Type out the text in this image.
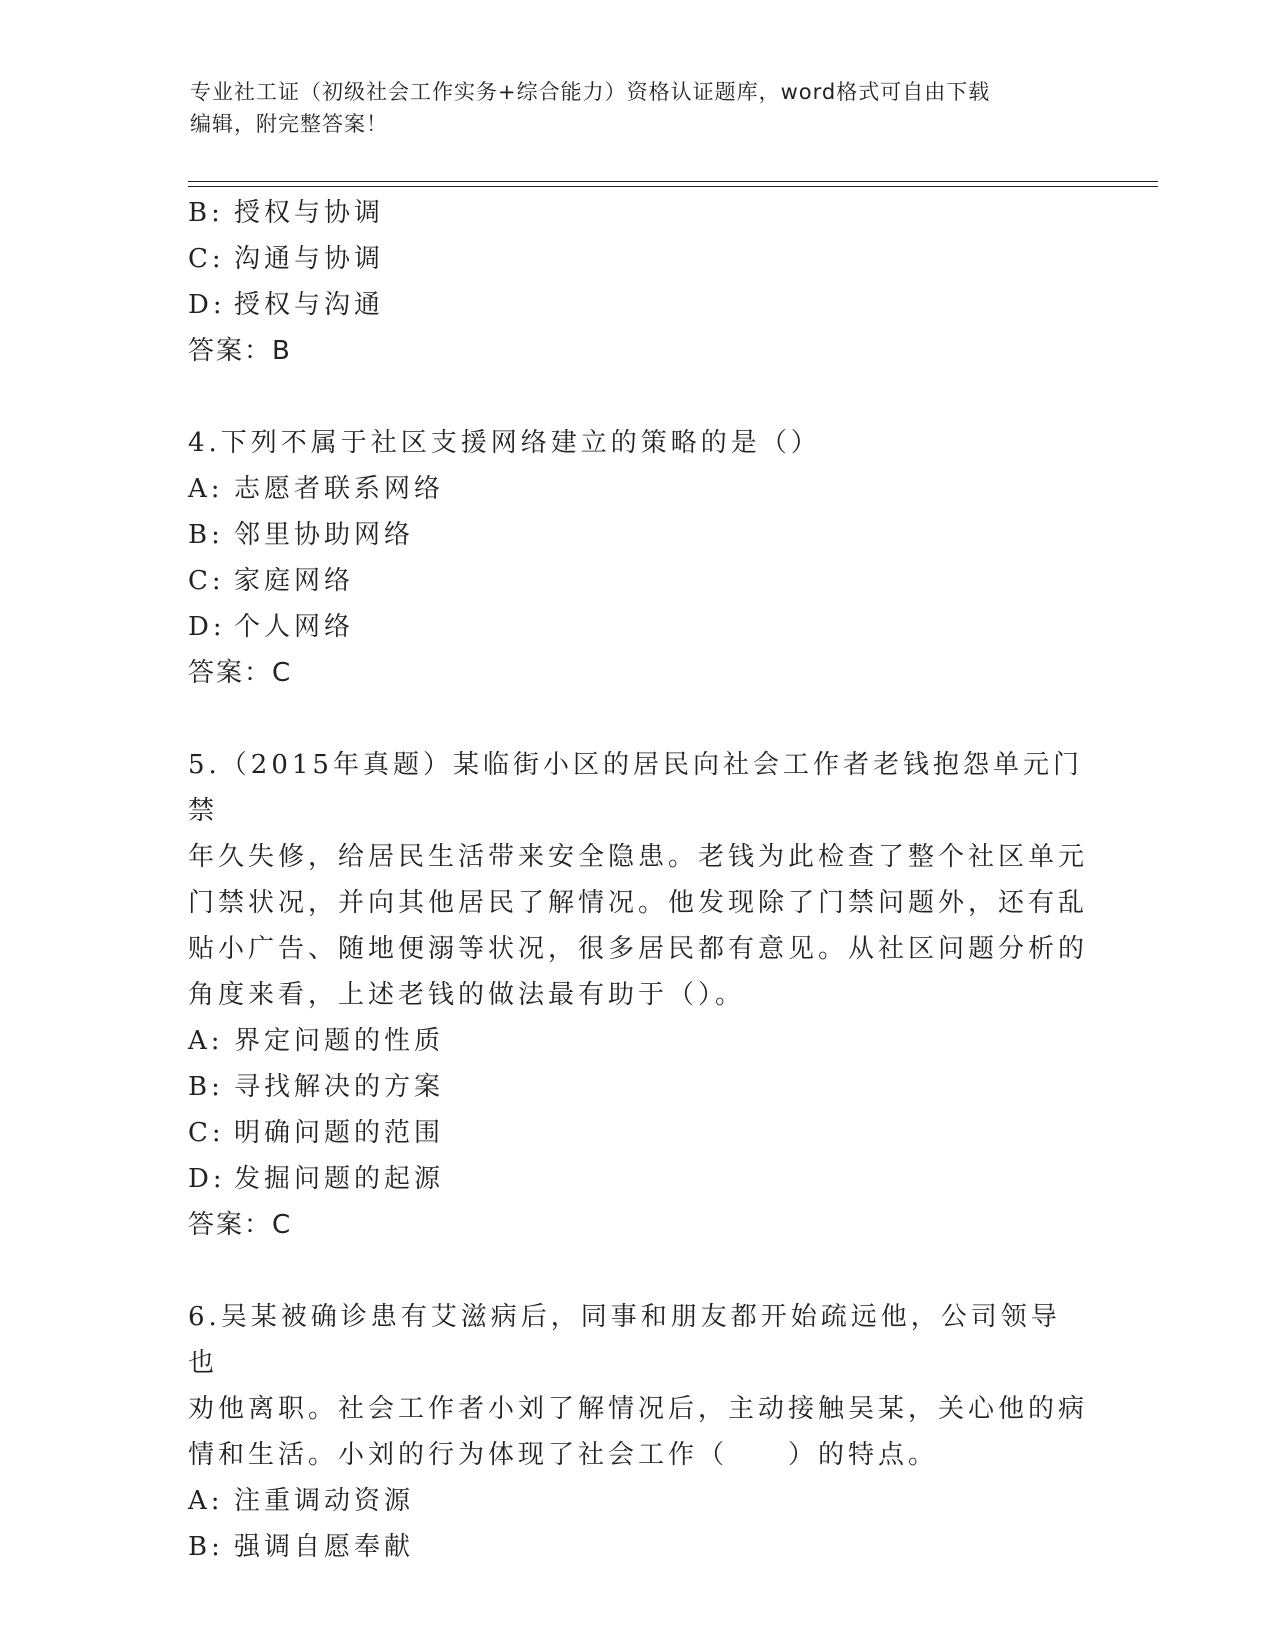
专业社工证（初级社会工作实务+综合能力）资格认证题库，word格式可自由下载
编辑，附完整答案！
B: 授权与协调
C: 沟通与协调
D: 授权与沟通
答案：B
4.下列不属于社区支援网络建立的策略的是（）
A: 志愿者联系网络
B: 邻里协助网络
C: 家庭网络
D: 个人网络
答案：C
5.（2015年真题）某临街小区的居民向社会工作者老钱抱怨单元门禁
年久失修，给居民生活带来安全隐患。老钱为此检查了整个社区单元
门禁状况，并向其他居民了解情况。他发现除了门禁问题外，还有乱
贴小广告、随地便溺等状况，很多居民都有意见。从社区问题分析的
角度来看，上述老钱的做法最有助于（）。
A: 界定问题的性质
B: 寻找解决的方案
C: 明确问题的范围
D: 发掘问题的起源
答案：C
6.吴某被确诊患有艾滋病后，同事和朋友都开始疏远他，公司领导也
劝他离职。社会工作者小刘了解情况后，主动接触吴某，关心他的病
情和生活。小刘的行为体现了社会工作（　　）的特点。
A: 注重调动资源
B: 强调自愿奉献
